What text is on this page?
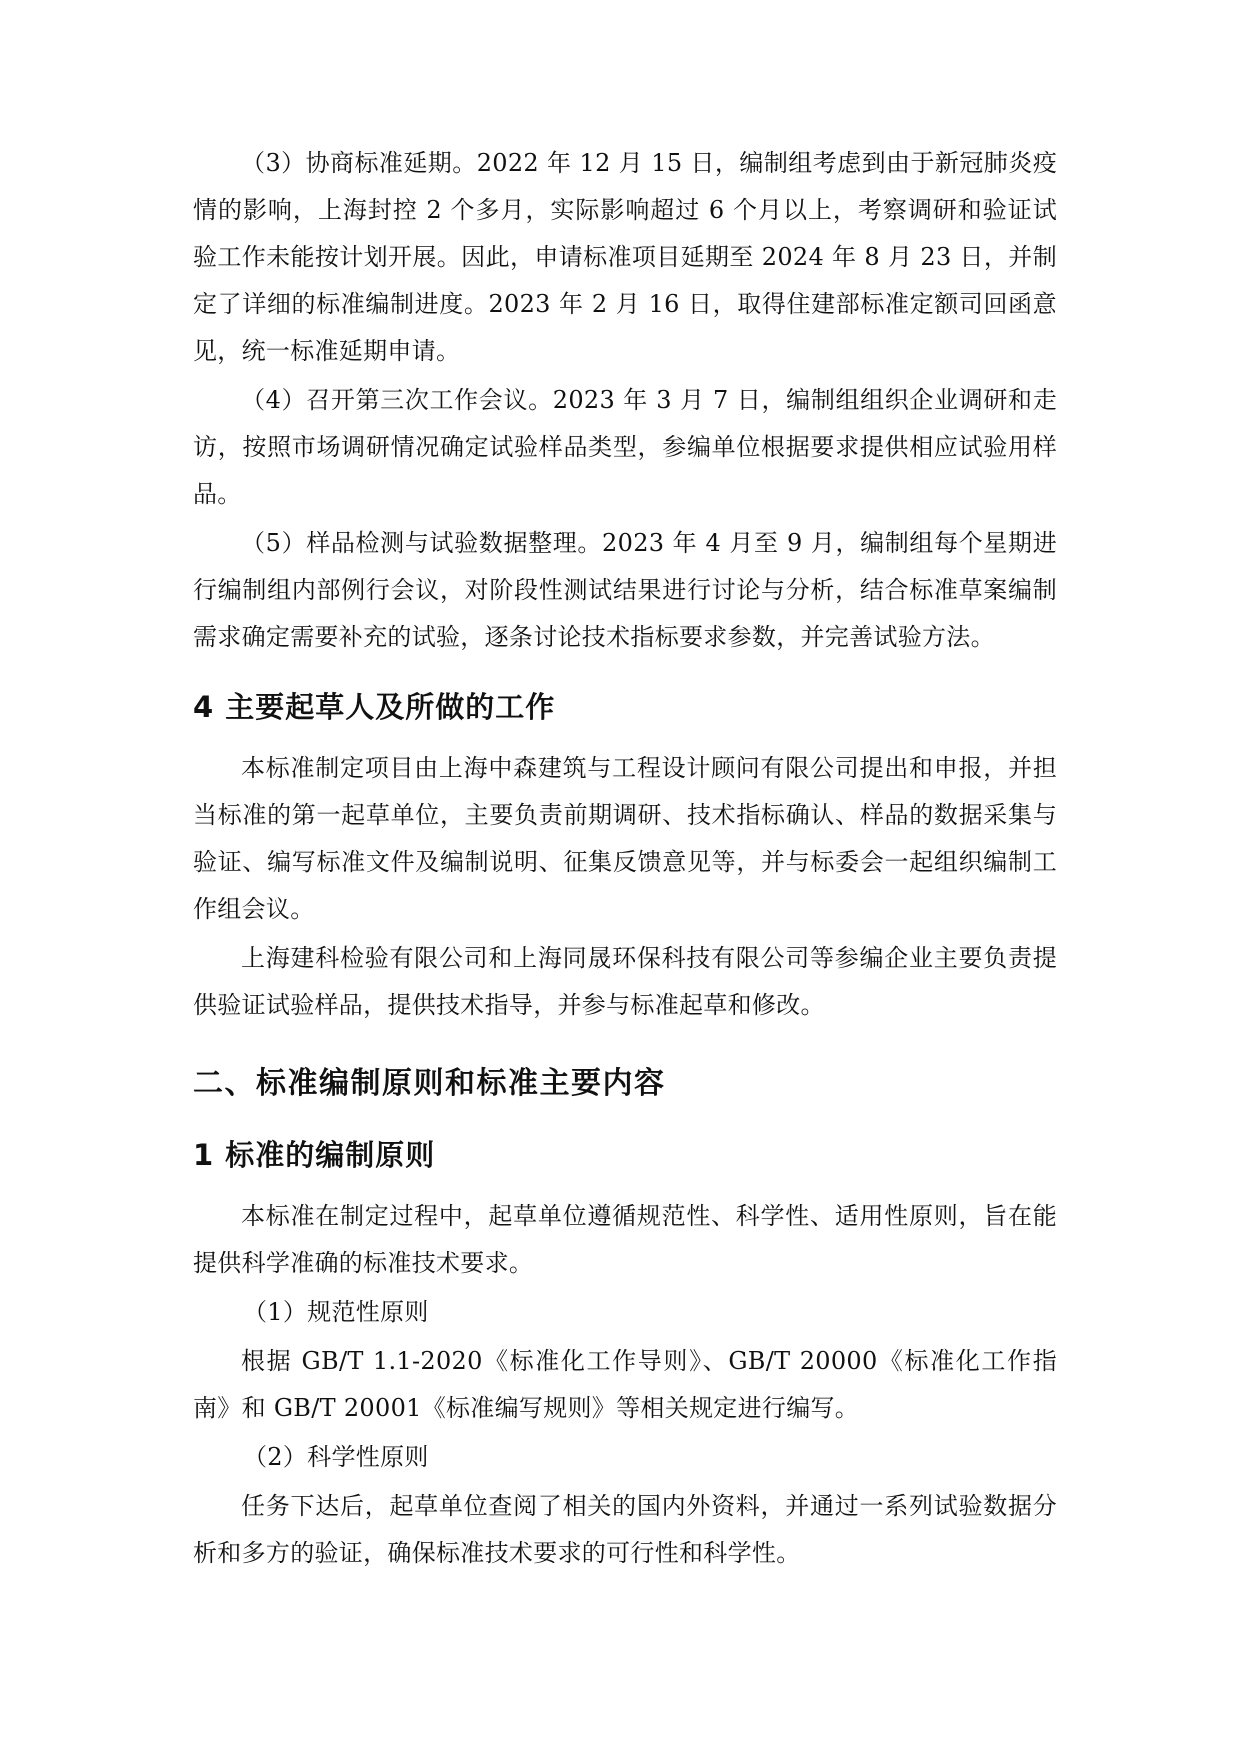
（3）协商标准延期。2022 年 12 月 15 日，编制组考虑到由于新冠肺炎疫情的影响，上海封控 2 个多月，实际影响超过 6 个月以上，考察调研和验证试验工作未能按计划开展。因此，申请标准项目延期至 2024 年 8 月 23 日，并制定了详细的标准编制进度。2023 年 2 月 16 日，取得住建部标准定额司回函意见，统一标准延期申请。

（4）召开第三次工作会议。2023 年 3 月 7 日，编制组组织企业调研和走访，按照市场调研情况确定试验样品类型，参编单位根据要求提供相应试验用样品。

（5）样品检测与试验数据整理。2023 年 4 月至 9 月，编制组每个星期进行编制组内部例行会议，对阶段性测试结果进行讨论与分析，结合标准草案编制需求确定需要补充的试验，逐条讨论技术指标要求参数，并完善试验方法。

4 主要起草人及所做的工作

本标准制定项目由上海中森建筑与工程设计顾问有限公司提出和申报，并担当标准的第一起草单位，主要负责前期调研、技术指标确认、样品的数据采集与验证、编写标准文件及编制说明、征集反馈意见等，并与标委会一起组织编制工作组会议。

上海建科检验有限公司和上海同晟环保科技有限公司等参编企业主要负责提供验证试验样品，提供技术指导，并参与标准起草和修改。

二、标准编制原则和标准主要内容
1 标准的编制原则

本标准在制定过程中，起草单位遵循规范性、科学性、适用性原则，旨在能提供科学准确的标准技术要求。

（1）规范性原则

根据 GB/T 1.1-2020《标准化工作导则》、GB/T 20000《标准化工作指南》和 GB/T 20001《标准编写规则》等相关规定进行编写。

（2）科学性原则

任务下达后，起草单位查阅了相关的国内外资料，并通过一系列试验数据分析和多方的验证，确保标准技术要求的可行性和科学性。
